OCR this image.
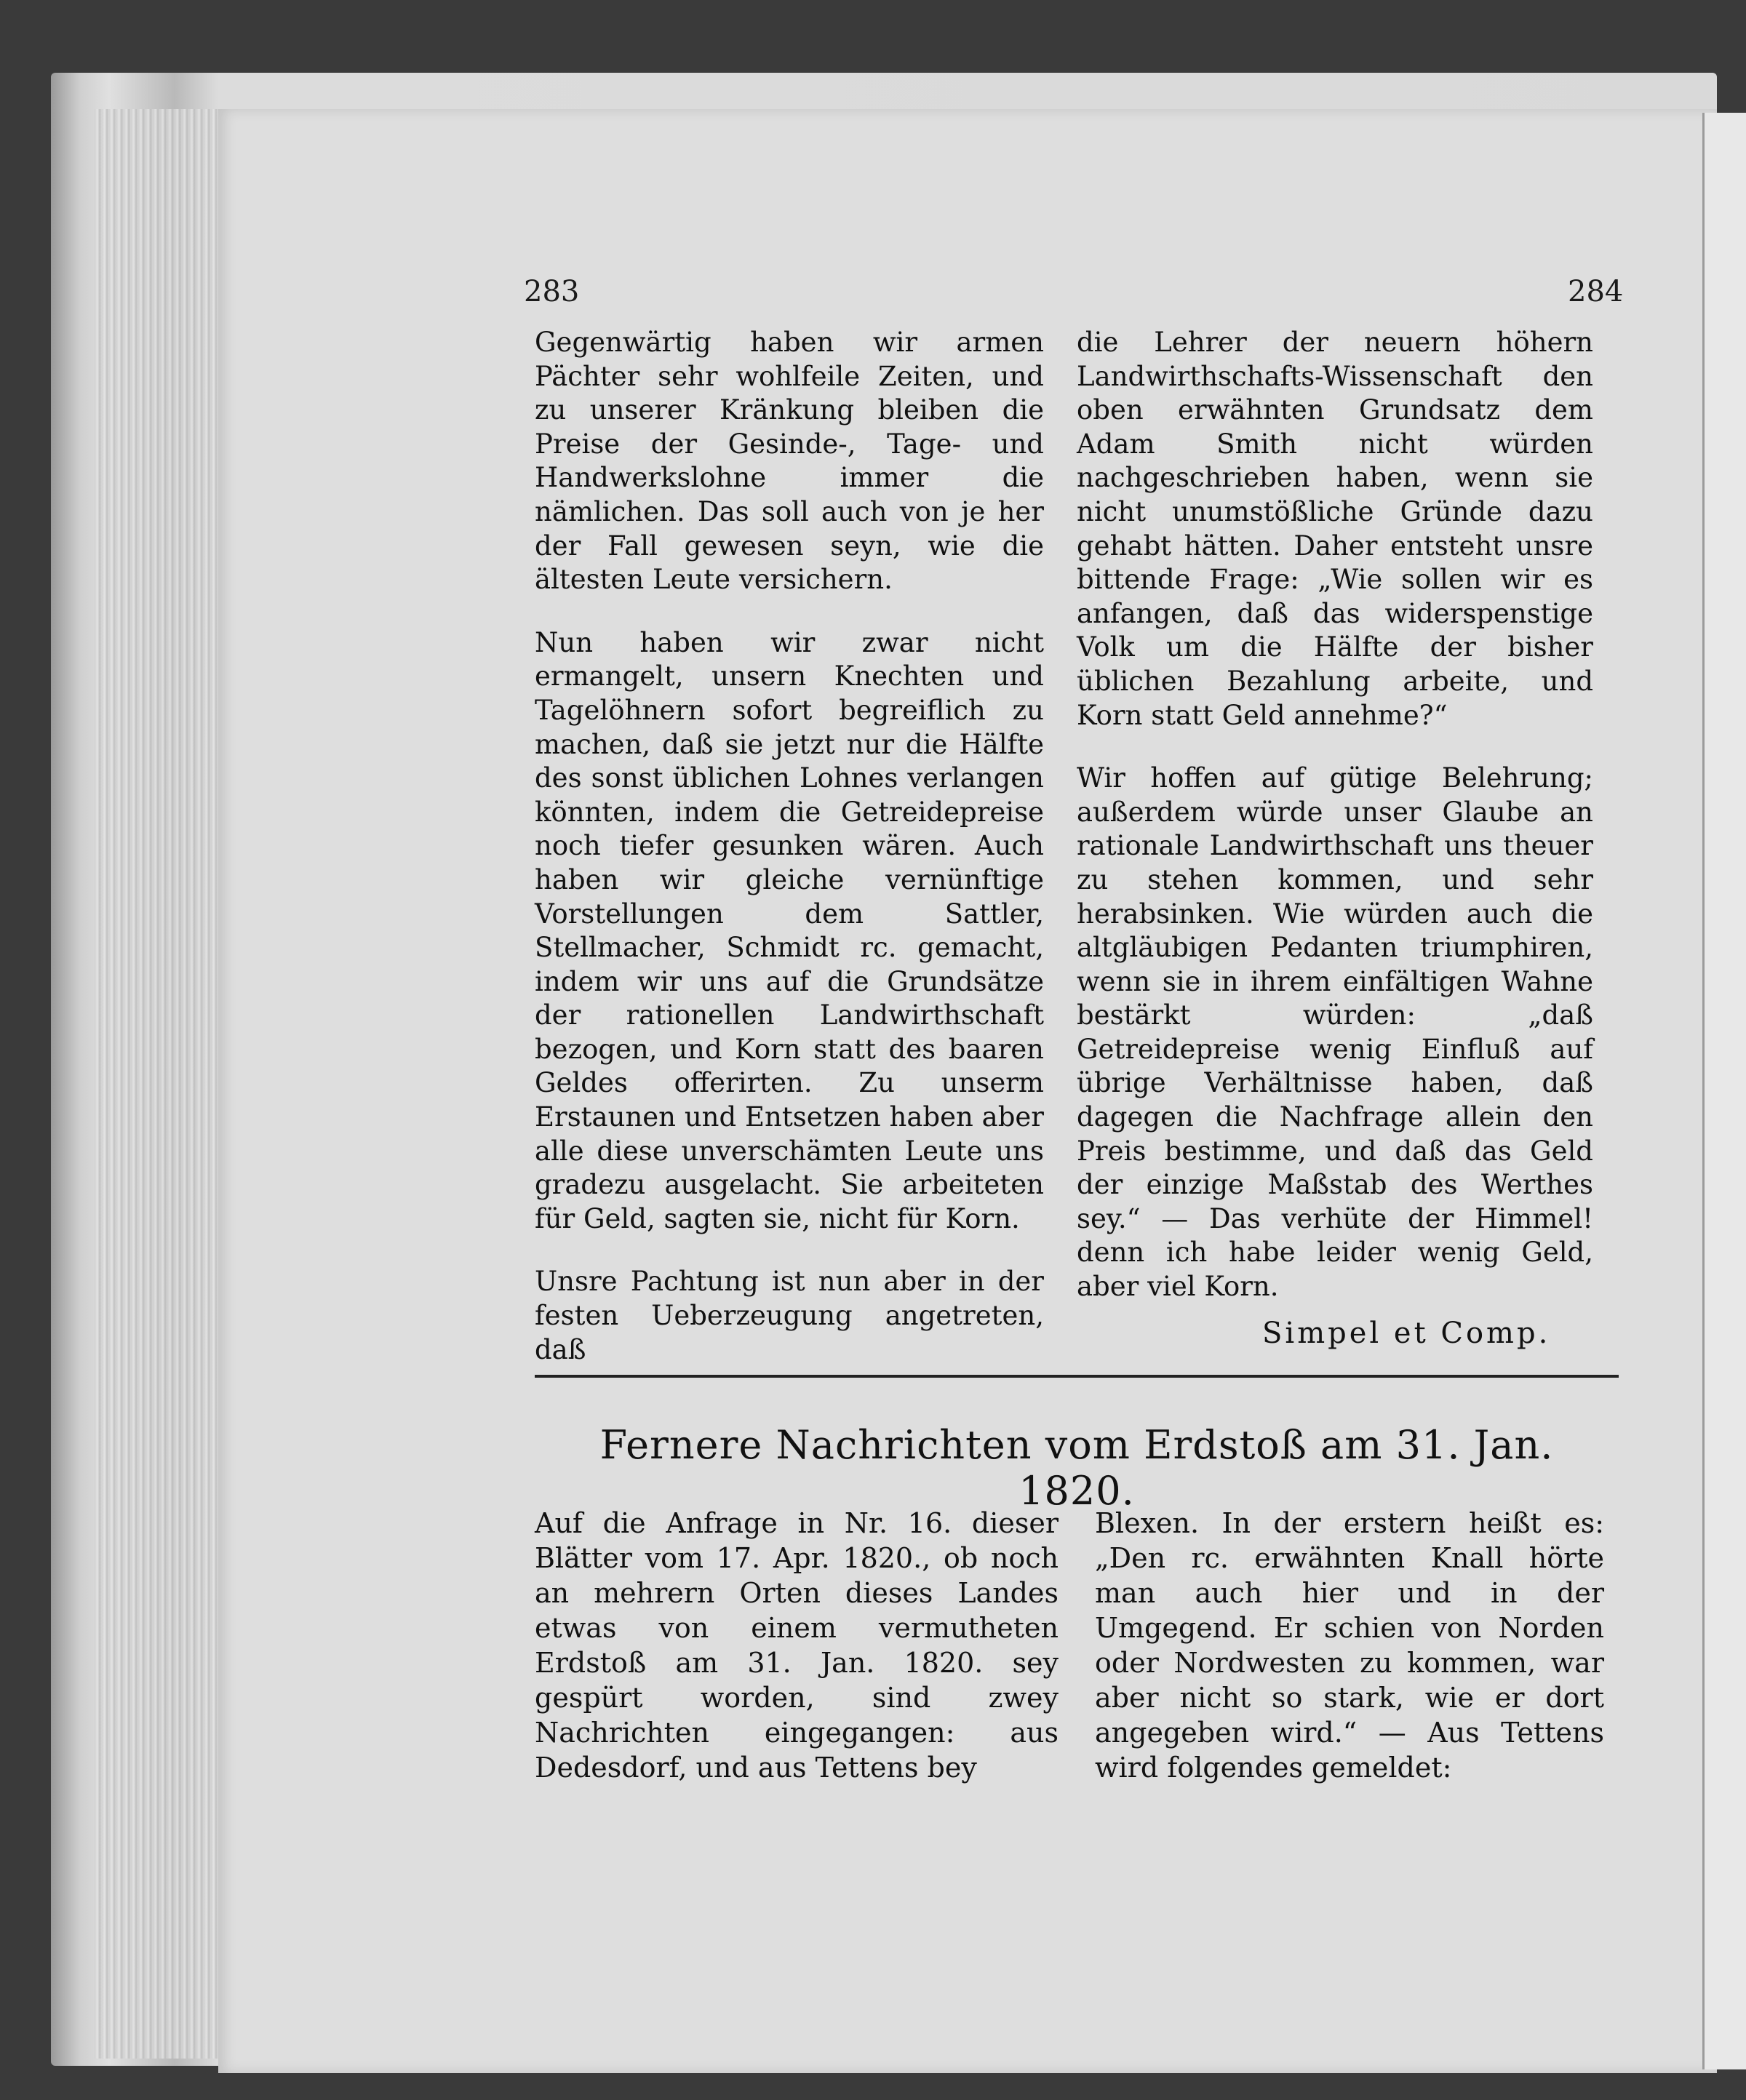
283	284

Gegenwärtig haben wir armen Pächter sehr wohlfeile Zeiten, und zu unserer Kränkung bleiben die Preise der Gesinde-, Tage- und Handwerkslohne immer die nämlichen. Das soll auch von je her der Fall gewesen seyn, wie die ältesten Leute versichern.

Nun haben wir zwar nicht ermangelt, unsern Knechten und Tagelöhnern sofort begreiflich zu machen, daß sie jetzt nur die Hälfte des sonst üblichen Lohnes verlangen könnten, indem die Getreidepreise noch tiefer gesunken wären. Auch haben wir gleiche vernünftige Vorstellungen dem Sattler, Stellmacher, Schmidt rc. gemacht, indem wir uns auf die Grundsätze der rationellen Landwirthschaft bezogen, und Korn statt des baaren Geldes offerirten. Zu unserm Erstaunen und Entsetzen haben aber alle diese unverschämten Leute uns gradezu ausgelacht. Sie arbeiteten für Geld, sagten sie, nicht für Korn.

Unsre Pachtung ist nun aber in der festen Ueberzeugung angetreten, daß

die Lehrer der neuern höhern Landwirthschafts-Wissenschaft den oben erwähnten Grundsatz dem Adam Smith nicht würden nachgeschrieben haben, wenn sie nicht unumstößliche Gründe dazu gehabt hätten. Daher entsteht unsre bittende Frage: „Wie sollen wir es anfangen, daß das widerspenstige Volk um die Hälfte der bisher üblichen Bezahlung arbeite, und Korn statt Geld annehme?“

Wir hoffen auf gütige Belehrung; außerdem würde unser Glaube an rationale Landwirthschaft uns theuer zu stehen kommen, und sehr herabsinken. Wie würden auch die altgläubigen Pedanten triumphiren, wenn sie in ihrem einfältigen Wahne bestärkt würden: „daß Getreidepreise wenig Einfluß auf übrige Verhältnisse haben, daß dagegen die Nachfrage allein den Preis bestimme, und daß das Geld der einzige Maßstab des Werthes sey.“ — Das verhüte der Himmel! denn ich habe leider wenig Geld, aber viel Korn.

Simpel et Comp.
Fernere Nachrichten vom Erdstoß am 31. Jan. 1820.

Auf die Anfrage in Nr. 16. dieser Blätter vom 17. Apr. 1820., ob noch an mehrern Orten dieses Landes etwas von einem vermutheten Erdstoß am 31. Jan. 1820. sey gespürt worden, sind zwey Nachrichten eingegangen: aus Dedesdorf, und aus Tettens bey

Blexen. In der erstern heißt es: „Den rc. erwähnten Knall hörte man auch hier und in der Umgegend. Er schien von Norden oder Nordwesten zu kommen, war aber nicht so stark, wie er dort angegeben wird.“ — Aus Tettens wird folgendes gemeldet:
